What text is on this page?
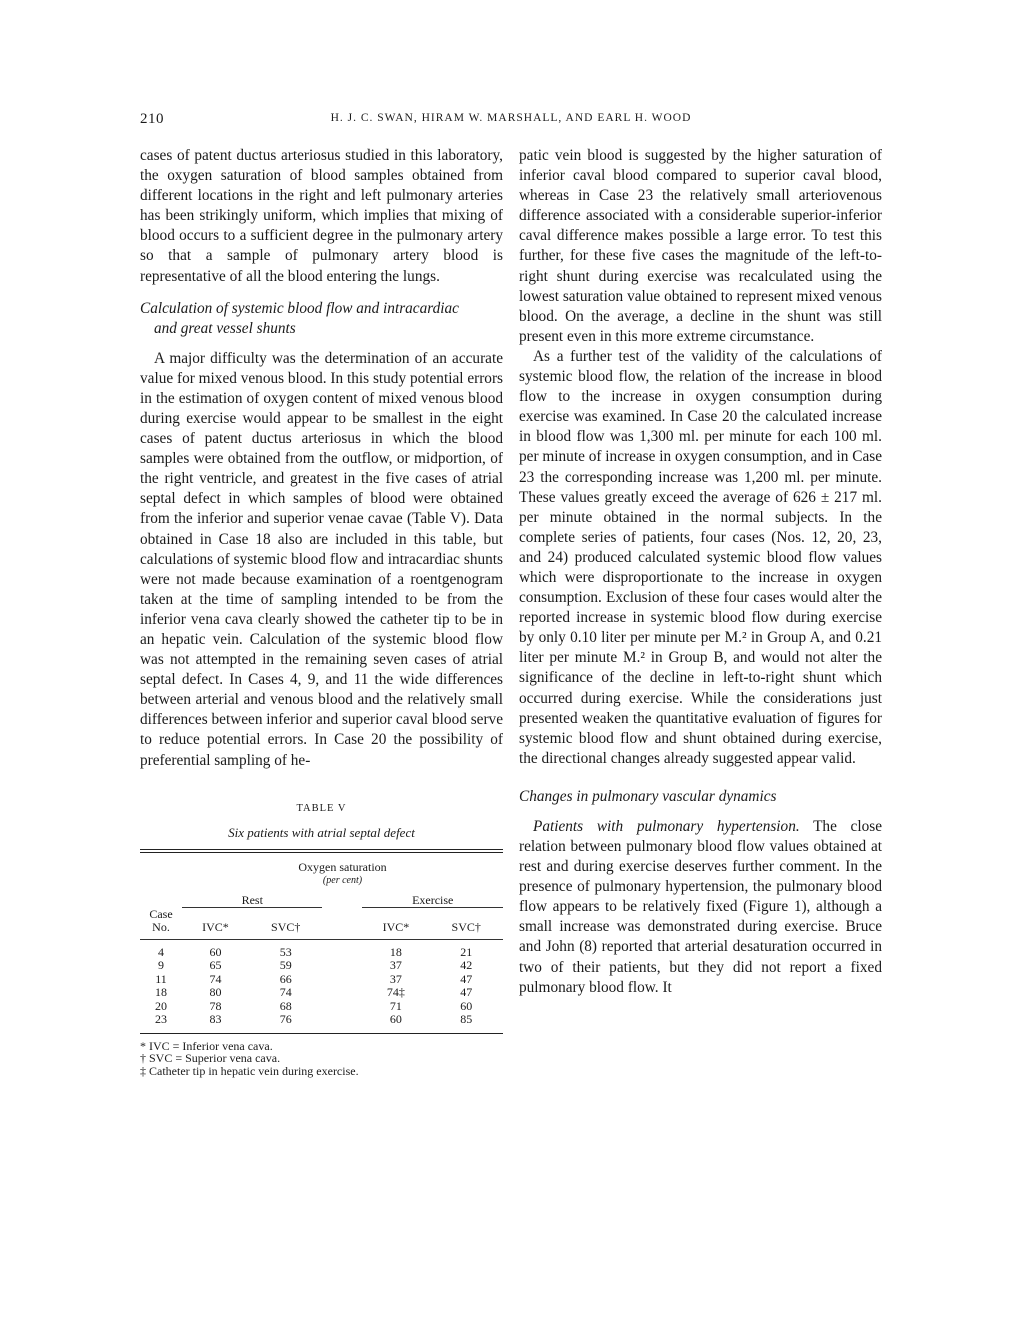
210	H. J. C. SWAN, HIRAM W. MARSHALL, AND EARL H. WOOD

cases of patent ductus arteriosus studied in this laboratory, the oxygen saturation of blood samples obtained from different locations in the right and left pulmonary arteries has been strikingly uniform, which implies that mixing of blood occurs to a sufficient degree in the pulmonary artery so that a sample of pulmonary artery blood is representative of all the blood entering the lungs.

Calculation of systemic blood flow and intracardiac
and great vessel shunts

A major difficulty was the determination of an accurate value for mixed venous blood. In this study potential errors in the estimation of oxygen content of mixed venous blood during exercise would appear to be smallest in the eight cases of patent ductus arteriosus in which the blood samples were obtained from the outflow, or midportion, of the right ventricle, and greatest in the five cases of atrial septal defect in which samples of blood were obtained from the inferior and superior venae cavae (Table V). Data obtained in Case 18 also are included in this table, but calculations of systemic blood flow and intracardiac shunts were not made because examination of a roentgenogram taken at the time of sampling intended to be from the inferior vena cava clearly showed the catheter tip to be in an hepatic vein. Calculation of the systemic blood flow was not attempted in the remaining seven cases of atrial septal defect. In Cases 4, 9, and 11 the wide differences between arterial and venous blood and the relatively small differences between inferior and superior caval blood serve to reduce potential errors. In Case 20 the possibility of preferential sampling of he-

TABLE V
Six patients with atrial septal defect

	Oxygen saturation
(per cent)				

	Rest			Exercise	

Case
No.	IVC*	SVC†		IVC*	SVC†
4	60	53		18	21
9	65	59		37	42
11	74	66		37	47
18	80	74		74‡	47
20	78	68		71	60
23	83	76		60	85
* IVC = Inferior vena cava.
† SVC = Superior vena cava.
‡ Catheter tip in hepatic vein during exercise.

patic vein blood is suggested by the higher saturation of inferior caval blood compared to superior caval blood, whereas in Case 23 the relatively small arteriovenous difference associated with a considerable superior-inferior caval difference makes possible a large error. To test this further, for these five cases the magnitude of the left-to-right shunt during exercise was recalculated using the lowest saturation value obtained to represent mixed venous blood. On the average, a decline in the shunt was still present even in this more extreme circumstance.

As a further test of the validity of the calculations of systemic blood flow, the relation of the increase in blood flow to the increase in oxygen consumption during exercise was examined. In Case 20 the calculated increase in blood flow was 1,300 ml. per minute for each 100 ml. per minute of increase in oxygen consumption, and in Case 23 the corresponding increase was 1,200 ml. per minute. These values greatly exceed the average of 626 ± 217 ml. per minute obtained in the normal subjects. In the complete series of patients, four cases (Nos. 12, 20, 23, and 24) produced calculated systemic blood flow values which were disproportionate to the increase in oxygen consumption. Exclusion of these four cases would alter the reported increase in systemic blood flow during exercise by only 0.10 liter per minute per M.² in Group A, and 0.21 liter per minute M.² in Group B, and would not alter the significance of the decline in left-to-right shunt which occurred during exercise. While the considerations just presented weaken the quantitative evaluation of figures for systemic blood flow and shunt obtained during exercise, the directional changes already suggested appear valid.

Changes in pulmonary vascular dynamics

Patients with pulmonary hypertension. The close relation between pulmonary blood flow values obtained at rest and during exercise deserves further comment. In the presence of pulmonary hypertension, the pulmonary blood flow appears to be relatively fixed (Figure 1), although a small increase was demonstrated during exercise. Bruce and John (8) reported that arterial desaturation occurred in two of their patients, but they did not report a fixed pulmonary blood flow. It
